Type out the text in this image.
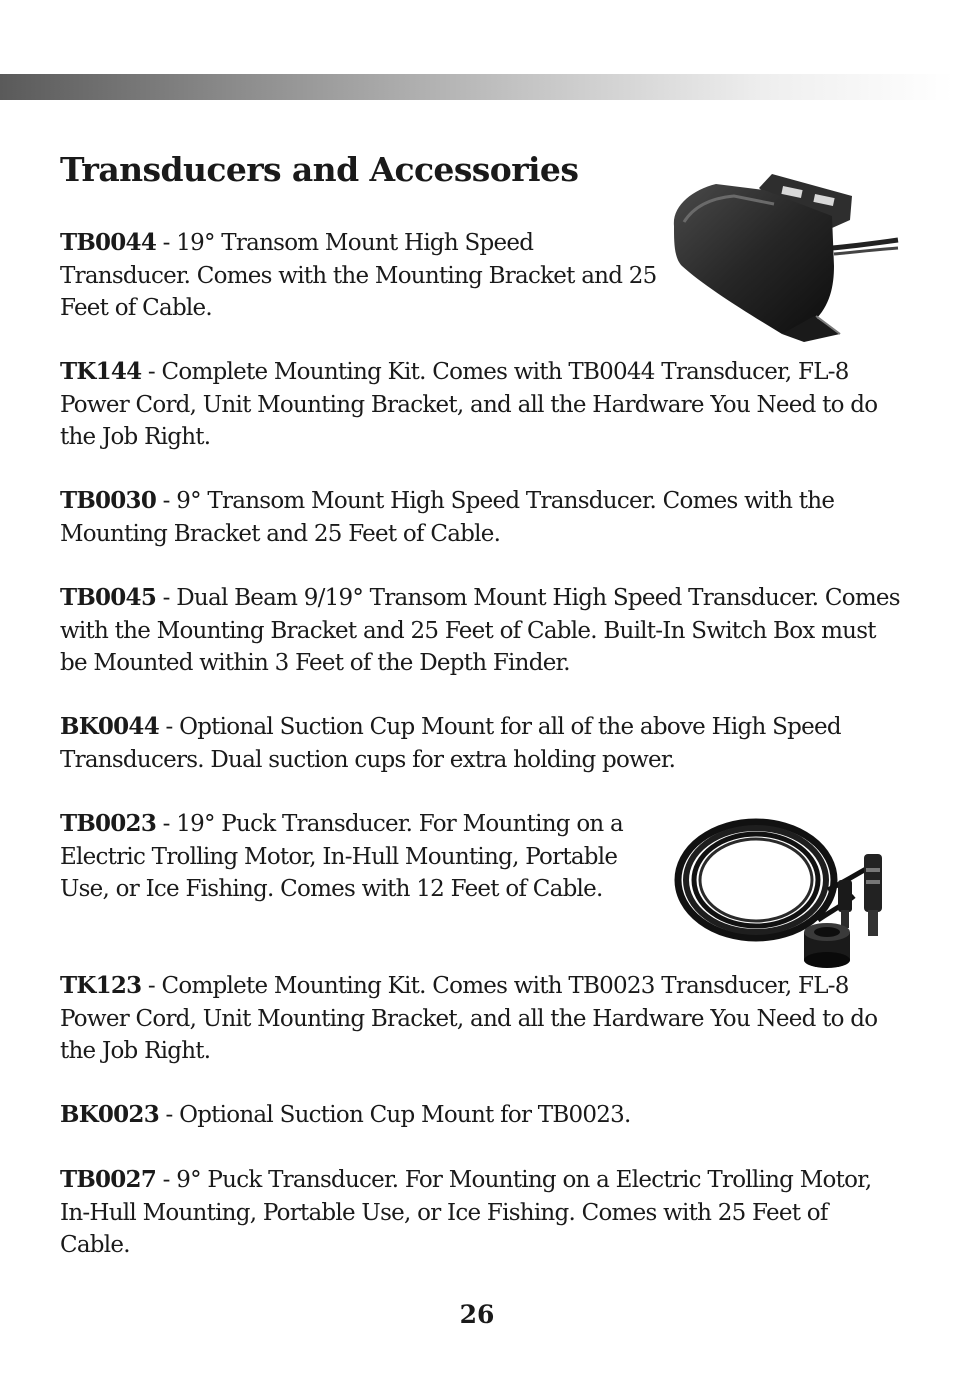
Transducers and Accessories

TB0044 - 19° Transom Mount High Speed Transducer. Comes with the Mounting Bracket and 25 Feet of Cable.

TK144 - Complete Mounting Kit. Comes with TB0044 Transducer, FL-8 Power Cord, Unit Mounting Bracket, and all the Hardware You Need to do the Job Right.

TB0030 - 9° Transom Mount High Speed Transducer. Comes with the Mounting Bracket and 25 Feet of Cable.

TB0045 - Dual Beam 9/19° Transom Mount High Speed Transducer. Comes with the Mounting Bracket and 25 Feet of Cable. Built-In Switch Box must be Mounted within 3 Feet of the Depth Finder.

BK0044 - Optional Suction Cup Mount for all of the above High Speed Transducers. Dual suction cups for extra holding power.

TB0023 - 19° Puck Transducer. For Mounting on a Electric Trolling Motor, In-Hull Mounting, Portable Use, or Ice Fishing. Comes with 12 Feet of Cable.

TK123 - Complete Mounting Kit. Comes with TB0023 Transducer, FL-8 Power Cord, Unit Mounting Bracket, and all the Hardware You Need to do the Job Right.

BK0023 - Optional Suction Cup Mount for TB0023.

TB0027 - 9° Puck Transducer. For Mounting on a Electric Trolling Motor, In-Hull Mounting, Portable Use, or Ice Fishing. Comes with 25 Feet of Cable.

26
